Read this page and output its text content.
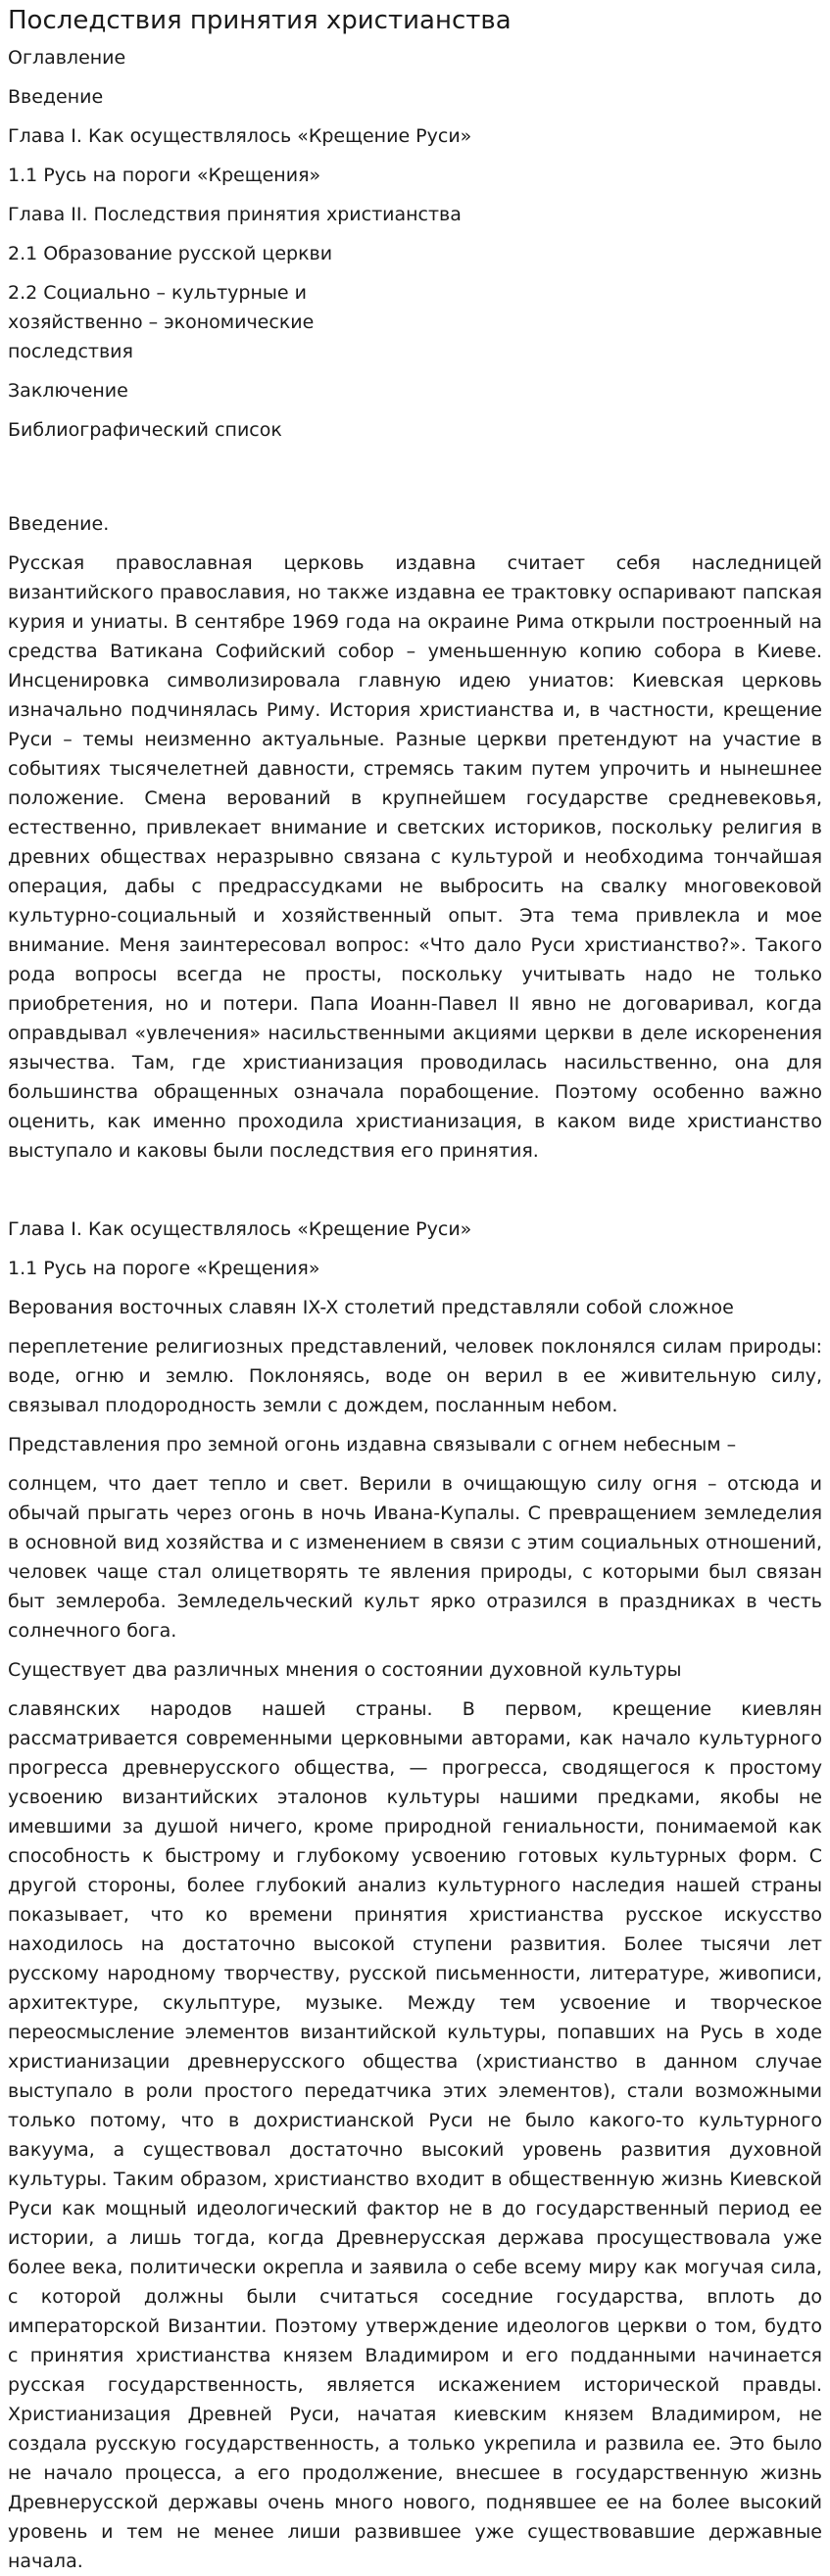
Последствия принятия христианства
Оглавление
Введение
Глава I. Как осуществлялось «Крещение Руси»
1.1 Русь на пороги «Крещения»
Глава II. Последствия принятия христианства
2.1 Образование русской церкви
2.2 Социально – культурные и хозяйственно – экономические последствия
Заключение
Библиографический список
Введение.

Русская православная церковь издавна считает себя наследницей византийского православия, но также издавна ее трактовку оспаривают папская курия и униаты. В сентябре 1969 года на окраине Рима открыли построенный на средства Ватикана Софийский собор – уменьшенную копию собора в Киеве. Инсценировка символизировала главную идею униатов: Киевская церковь изначально подчинялась Риму. История христианства и, в частности, крещение Руси – темы неизменно актуальные. Разные церкви претендуют на участие в событиях тысячелетней давности, стремясь таким путем упрочить и нынешнее положение. Смена верований в крупнейшем государстве средневековья, естественно, привлекает внимание и светских историков, поскольку религия в древних обществах неразрывно связана с культурой и необходима тончайшая операция, дабы с предрассудками не выбросить на свалку многовековой культурно-социальный и хозяйственный опыт. Эта тема привлекла и мое внимание. Меня заинтересовал вопрос: «Что дало Руси христианство?». Такого рода вопросы всегда не просты, поскольку учитывать надо не только приобретения, но и потери. Папа Иоанн-Павел II явно не договаривал, когда оправдывал «увлечения» насильственными акциями церкви в деле искоренения язычества. Там, где христианизация проводилась насильственно, она для большинства обращенных означала порабощение. Поэтому особенно важно оценить, как именно проходила христианизация, в каком виде христианство выступало и каковы были последствия его принятия.

Глава I. Как осуществлялось «Крещение Руси»
1.1 Русь на пороге «Крещения»

Верования восточных славян IX-X столетий представляли собой сложное

переплетение религиозных представлений, человек поклонялся силам природы: воде, огню и землю. Поклоняясь, воде он верил в ее живительную силу, связывал плодородность земли с дождем, посланным небом.

Представления про земной огонь издавна связывали с огнем небесным –

солнцем, что дает тепло и свет. Верили в очищающую силу огня – отсюда и обычай прыгать через огонь в ночь Ивана-Купалы. С превращением земледелия в основной вид хозяйства и с изменением в связи с этим социальных отношений, человек чаще стал олицетворять те явления природы, с которыми был связан быт землероба. Земледельческий культ ярко отразился в праздниках в честь солнечного бога.

Существует два различных мнения о состоянии духовной культуры

славянских народов нашей страны. В первом, крещение киевлян рассматривается современными церковными авторами, как начало культурного прогресса древнерусского общества, — прогресса, сводящегося к простому усвоению византийских эталонов культуры нашими предками, якобы не имевшими за душой ничего, кроме природной гениальности, понимаемой как способность к быстрому и глубокому усвоению готовых культурных форм. С другой стороны, более глубокий анализ культурного наследия нашей страны показывает, что ко времени принятия христианства русское искусство находилось на достаточно высокой ступени развития. Более тысячи лет русскому народному творчеству, русской письменности, литературе, живописи, архитектуре, скульптуре, музыке. Между тем усвоение и творческое переосмысление элементов византийской культуры, попавших на Русь в ходе христианизации древнерусского общества (христианство в данном случае выступало в роли простого передатчика этих элементов), стали возможными только потому, что в дохристианской Руси не было какого-то культурного вакуума, а существовал достаточно высокий уровень развития духовной культуры. Таким образом, христианство входит в общественную жизнь Киевской Руси как мощный идеологический фактор не в до государственный период ее истории, а лишь тогда, когда Древнерусская держава просуществовала уже более века, политически окрепла и заявила о себе всему миру как могучая сила, с которой должны были считаться соседние государства, вплоть до императорской Византии. Поэтому утверждение идеологов церкви о том, будто с принятия христианства князем Владимиром и его подданными начинается русская государственность, является искажением исторической правды. Христианизация Древней Руси, начатая киевским князем Владимиром, не создала русскую государственность, а только укрепила и развила ее. Это было не начало процесса, а его продолжение, внесшее в государственную жизнь Древнерусской державы очень много нового, поднявшее ее на более высокий уровень и тем не менее лиши развившее уже существовавшие державные начала.
